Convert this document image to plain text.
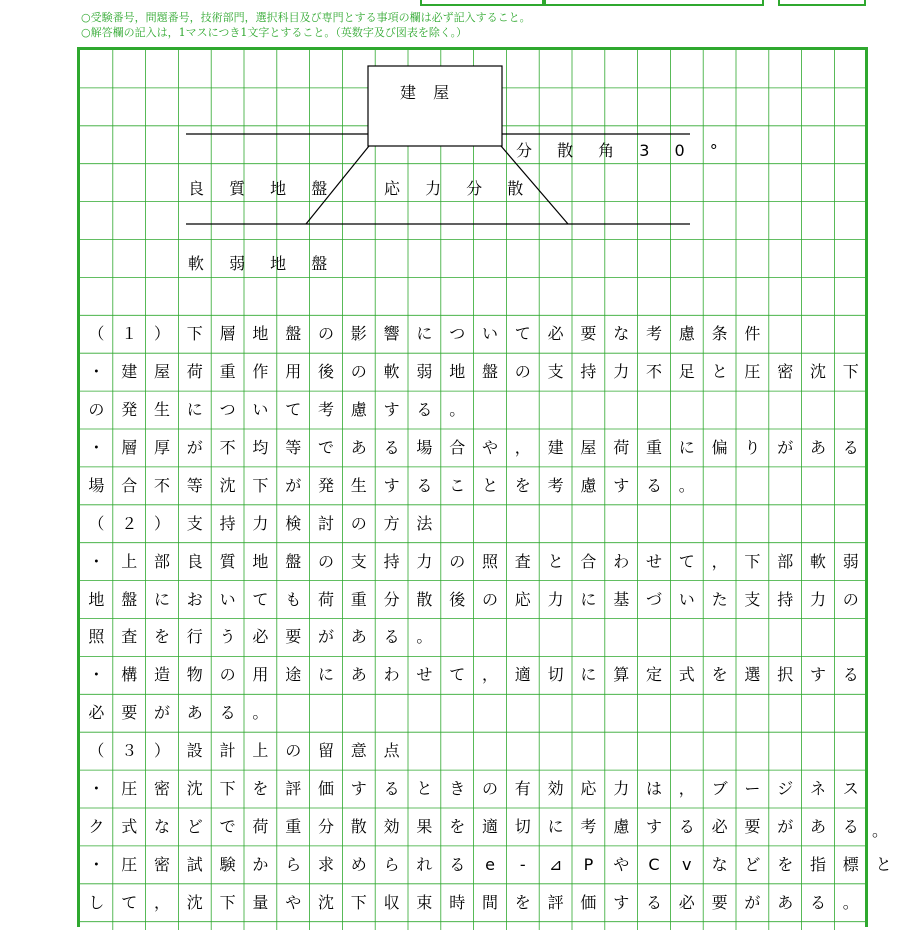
○受験番号，問題番号，技術部門，選択科目及び専門とする事項の欄は必ず記入すること。
○解答欄の記入は，1マスにつき1文字とすること。（英数字及び図表を除く。）
建 屋
分 散 角 3 0 °
良 質 地 盤	応 力 分 散
軟 弱 地 盤
（	１	）	下	層	地	盤	の	影	響	に	つ	い	て	必	要	な	考	慮	条	件
・	建	屋	荷	重	作	用	後	の	軟	弱	地	盤	の	支	持	力	不	足	と	圧	密	沈	下
の	発	生	に	つ	い	て	考	慮	す	る	。
・	層	厚	が	不	均	等	で	あ	る	場	合	や	，	建	屋	荷	重	に	偏	り	が	あ	る
場	合	不	等	沈	下	が	発	生	す	る	こ	と	を	考	慮	す	る	。
（	２	）	支	持	力	検	討	の	方	法
・	上	部	良	質	地	盤	の	支	持	力	の	照	査	と	合	わ	せ	て	，	下	部	軟	弱
地	盤	に	お	い	て	も	荷	重	分	散	後	の	応	力	に	基	づ	い	た	支	持	力	の
照	査	を	行	う	必	要	が	あ	る	。
・	構	造	物	の	用	途	に	あ	わ	せ	て	，	適	切	に	算	定	式	を	選	択	す	る
必	要	が	あ	る	。
（	３	）	設	計	上	の	留	意	点
・	圧	密	沈	下	を	評	価	す	る	と	き	の	有	効	応	力	は	，	ブ	ー	ジ	ネ	ス
ク	式	な	ど	で	荷	重	分	散	効	果	を	適	切	に	考	慮	す	る	必	要	が	あ	る
・	圧	密	試	験	か	ら	求	め	ら	れ	る	e	-	⊿	P	や	C	v	な	ど	を	指	標	と
し	て	，	沈	下	量	や	沈	下	収	束	時	間	を	評	価	す	る	必	要	が	あ	る	。
。
